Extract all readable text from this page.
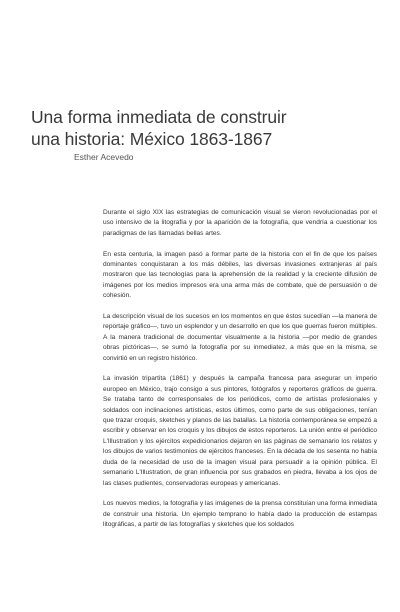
Una forma inmediata de construir
una historia: México 1863-1867

Esther Acevedo

Durante el siglo XIX las estrategias de comunicación visual se vieron revolucionadas por el uso intensivo de la litografía y por la aparición de la fotografía, que vendría a cuestionar los paradigmas de las llamadas bellas artes.

En esta centuria, la imagen pasó a formar parte de la historia con el fin de que los países dominantes conquistaran a los más débiles, las diversas invasiones extranjeras al país mostraron que las tecnologías para la aprehensión de la realidad y la creciente difusión de imágenes por los medios impresos era una arma más de combate, que de persuasión o de cohesión.

La descripción visual de los sucesos en los momentos en que éstos sucedían —la manera de reportaje gráfico—, tuvo un esplendor y un desarrollo en que los que guerras fueron múltiples. A la manera tradicional de documentar visualmente a la historia —por medio de grandes obras pictóricas—, se sumó la fotografía por su inmediatez, a más que en la misma, se convirtió en un registro histórico.

La invasión tripartita (1861) y después la campaña francesa para asegurar un imperio europeo en México, trajo consigo a sus pintores, fotógrafos y reporteros gráficos de guerra. Se trataba tanto de corresponsales de los periódicos, como de artistas profesionales y soldados con inclinaciones artísticas, estos últimos, como parte de sus obligaciones, tenían que trazar croquis, sketches y planos de las batallas. La historia contemporánea se empezó a escribir y observar en los croquis y los dibujos de estos reporteros. La unión entre el periódico L'Illustration y los ejércitos expedicionarios dejaron en las páginas de semanario los relatos y los dibujos de varios testimonios de ejércitos franceses. En la década de los sesenta no había duda de la necesidad de uso de la imagen visual para persuadir a la opinión pública. El semanario L'Illustration, de gran influencia por sus grabados en piedra, llevaba a los ojos de las clases pudientes, conservadoras europeas y americanas.

Los nuevos medios, la fotografía y las imágenes de la prensa constituían una forma inmediata de construir una historia. Un ejemplo temprano lo había dado la producción de estampas litográficas, a partir de las fotografías y sketches que los soldados
